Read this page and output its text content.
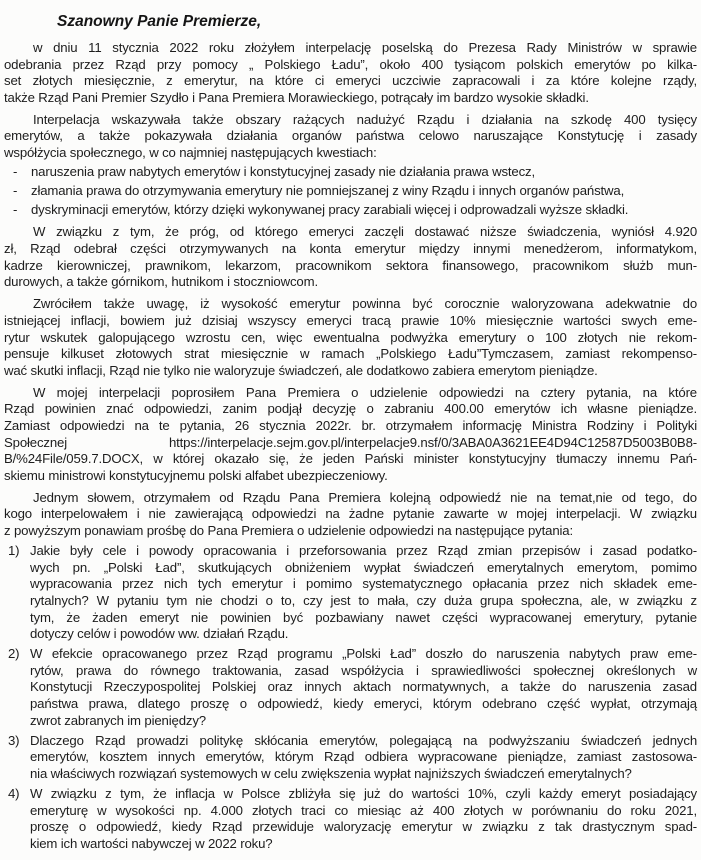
Szanowny Panie Premierze,
w dniu 11 stycznia 2022 roku złożyłem interpelację poselską do Prezesa Rady Ministrów w sprawie
odebrania przez Rząd przy pomocy „ Polskiego Ładu”, około 400 tysiącom polskich emerytów po kilka-
set złotych miesięcznie, z emerytur, na które ci emeryci uczciwie zapracowali i za które kolejne rządy,
także Rząd Pani Premier Szydło i Pana Premiera Morawieckiego, potrącały im bardzo wysokie składki.
Interpelacja wskazywała także obszary rażących nadużyć Rządu i działania na szkodę 400 tysięcy
emerytów, a także pokazywała działania organów państwa celowo naruszające Konstytucję i zasady
współżycia społecznego, w co najmniej następujących kwestiach:
- naruszenia praw nabytych emerytów i konstytucyjnej zasady nie działania prawa wstecz,
- złamania prawa do otrzymywania emerytury nie pomniejszanej z winy Rządu i innych organów państwa,
- dyskryminacji emerytów, którzy dzięki wykonywanej pracy zarabiali więcej i odprowadzali wyższe składki.
W związku z tym, że próg, od którego emeryci zaczęli dostawać niższe świadczenia, wyniósł 4.920
zł, Rząd odebrał części otrzymywanych na konta emerytur między innymi menedżerom, informatykom,
kadrze kierowniczej, prawnikom, lekarzom, pracownikom sektora finansowego, pracownikom służb mun-
durowych, a także górnikom, hutnikom i stoczniowcom.
Zwróciłem także uwagę, iż wysokość emerytur powinna być corocznie waloryzowana adekwatnie do
istniejącej inflacji, bowiem już dzisiaj wszyscy emeryci tracą prawie 10% miesięcznie wartości swych eme-
rytur wskutek galopującego wzrostu cen, więc ewentualna podwyżka emerytury o 100 złotych nie rekom-
pensuje kilkuset złotowych strat miesięcznie w ramach „Polskiego Ładu”Tymczasem, zamiast rekompenso-
wać skutki inflacji, Rząd nie tylko nie waloryzuje świadczeń, ale dodatkowo zabiera emerytom pieniądze.
W mojej interpelacji poprosiłem Pana Premiera o udzielenie odpowiedzi na cztery pytania, na które
Rząd powinien znać odpowiedzi, zanim podjął decyzję o zabraniu 400.00 emerytów ich własne pieniądze.
Zamiast odpowiedzi na te pytania, 26 stycznia 2022r. br. otrzymałem informację Ministra Rodziny i Polityki
Społecznej https://interpelacje.sejm.gov.pl/interpelacje9.nsf/0/3ABA0A3621EE4D94C12587D5003B0B8-
B/%24File/059.7.DOCX, w której okazało się, że jeden Pański minister konstytucyjny tłumaczy innemu Pań-
skiemu ministrowi konstytucyjnemu polski alfabet ubezpieczeniowy.
Jednym słowem, otrzymałem od Rządu Pana Premiera kolejną odpowiedź nie na temat,nie od tego, do
kogo interpelowałem i nie zawierającą odpowiedzi na żadne pytanie zawarte w mojej interpelacji. W związku
z powyższym ponawiam prośbę do Pana Premiera o udzielenie odpowiedzi na następujące pytania:
1) Jakie były cele i powody opracowania i przeforsowania przez Rząd zmian przepisów i zasad podatko-
wych pn. „Polski Ład”, skutkujących obniżeniem wypłat świadczeń emerytalnych emerytom, pomimo
wypracowania przez nich tych emerytur i pomimo systematycznego opłacania przez nich składek eme-
rytalnych? W pytaniu tym nie chodzi o to, czy jest to mała, czy duża grupa społeczna, ale, w związku z
tym, że żaden emeryt nie powinien być pozbawiany nawet części wypracowanej emerytury, pytanie
dotyczy celów i powodów ww. działań Rządu.
2) W efekcie opracowanego przez Rząd programu „Polski Ład” doszło do naruszenia nabytych praw eme-
rytów, prawa do równego traktowania, zasad współżycia i sprawiedliwości społecznej określonych w
Konstytucji Rzeczypospolitej Polskiej oraz innych aktach normatywnych, a także do naruszenia zasad
państwa prawa, dlatego proszę o odpowiedź, kiedy emeryci, którym odebrano część wypłat, otrzymają
zwrot zabranych im pieniędzy?
3) Dlaczego Rząd prowadzi politykę skłócania emerytów, polegającą na podwyższaniu świadczeń jednych
emerytów, kosztem innych emerytów, którym Rząd odbiera wypracowane pieniądze, zamiast zastosowa-
nia właściwych rozwiązań systemowych w celu zwiększenia wypłat najniższych świadczeń emerytalnych?
4) W związku z tym, że inflacja w Polsce zbliżyła się już do wartości 10%, czyli każdy emeryt posiadający
emeryturę w wysokości np. 4.000 złotych traci co miesiąc aż 400 złotych w porównaniu do roku 2021,
proszę o odpowiedź, kiedy Rząd przewiduje waloryzację emerytur w związku z tak drastycznym spad-
kiem ich wartości nabywczej w 2022 roku?
